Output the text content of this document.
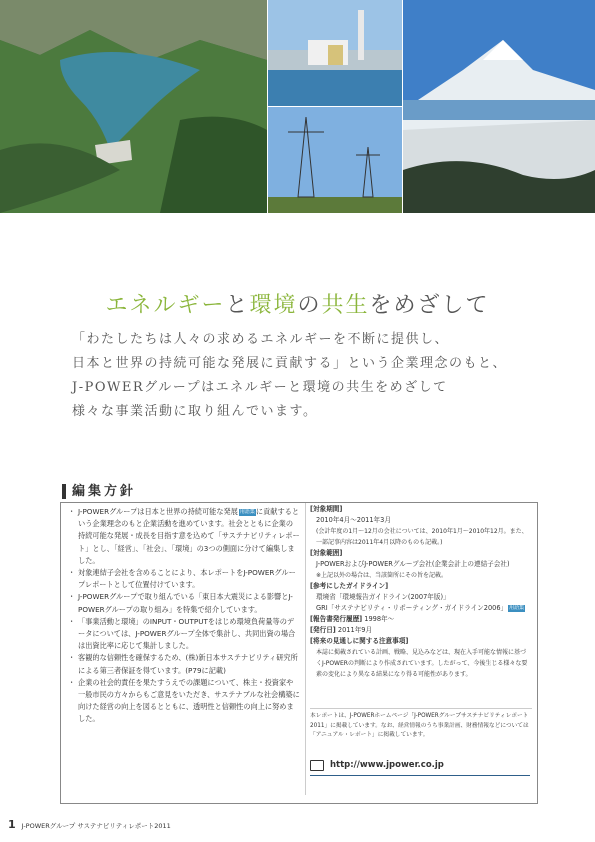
エネルギーと環境の共生をめざして
「わたしたちは人々の求めるエネルギーを不断に提供し、
日本と世界の持続可能な発展に貢献する」という企業理念のもと、
J-POWERグループはエネルギーと環境の共生をめざして
様々な事業活動に取り組んでいます。
編集方針
・ J-POWERグループは日本と世界の持続可能な発展 用語集に貢献するという企業理念のもと企業活動を進めています。社会とともに企業の持続可能な発展・成長を目指す意を込めて「サステナビリティレポート」とし、「経営」、「社会」、「環境」の3つの側面に分けて編集しました。
・ 対象連結子会社を含めることにより、本レポートをJ-POWERグループレポートとして位置付けています。
・ J-POWERグループで取り組んでいる「東日本大震災による影響とJ-POWERグループの取り組み」を特集で紹介しています。
・ 「事業活動と環境」のINPUT・OUTPUTをはじめ環境負荷量等のデータについては、J-POWERグループ全体で集計し、共同出資の場合は出資比率に応じて集計しました。
・ 客観的な信頼性を確保するため、(株)新日本サステナビリティ研究所による第三者保証を得ています。(P79に記載)
・ 企業の社会的責任を果たすうえでの課題について、株主・投資家や一般市民の方々からもご意見をいただき、サステナブルな社会構築に向けた経営の向上を図るとともに、透明性と信頼性の向上に努めました。
[対象期間]
2010年4月～2011年3月
(会計年度の1月～12月の会社については、2010年1月～2010年12月。また、一部記事内容は2011年4月以降のものも記載。)
[対象範囲]
J-POWERおよびJ-POWERグループ会社(企業会計上の連結子会社)
※上記以外の場合は、当該箇所にその旨を記載。
[参考にしたガイドライン]
環境省「環境報告ガイドライン(2007年版)」
GRI「サステナビリティ・リポーティング・ガイドライン2006」 用語集
[報告書発行履歴] 1998年～
[発行日] 2011年9月
[将来の見通しに関する注意事項]
本誌に掲載されている計画、戦略、見込みなどは、現在入手可能な情報に基づくJ-POWERの判断により作成されています。したがって、今後生じる様々な要素の変化により異なる結果になり得る可能性があります。
本レポートは、J-POWERホームページ「J-POWERグループサステナビリティレポート2011」に掲載しています。なお、経営情報のうち事業計画、財務情報などについては「アニュアル・レポート」に掲載しています。
http://www.jpower.co.jp
1 J-POWERグループ サステナビリティレポート2011
